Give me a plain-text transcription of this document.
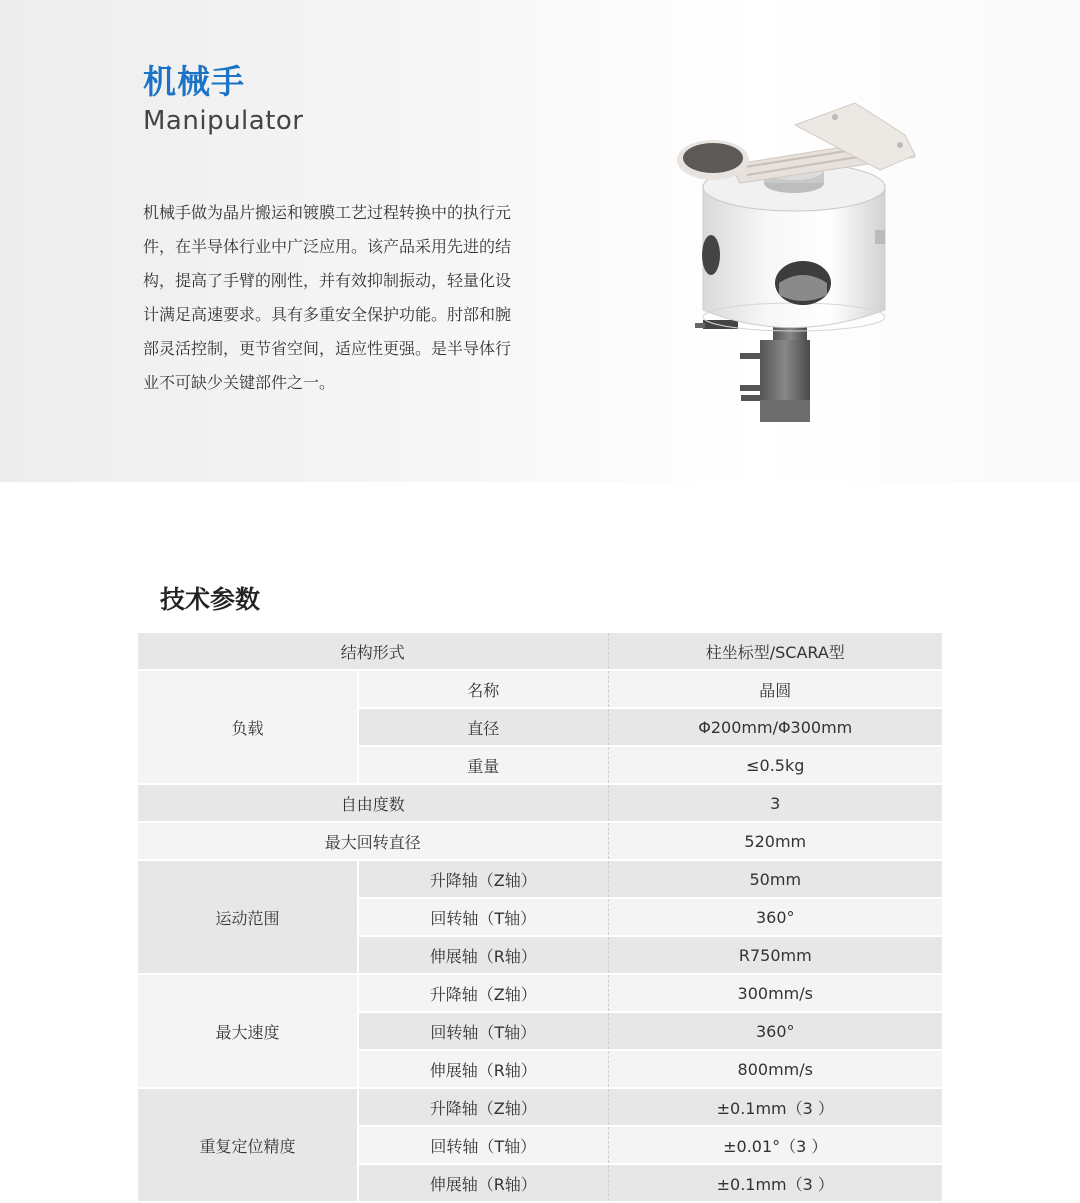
机械手
Manipulator
机械手做为晶片搬运和镀膜工艺过程转换中的执行元
件，在半导体行业中广泛应用。该产品采用先进的结
构，提高了手臂的刚性，并有效抑制振动，轻量化设
计满足高速要求。具有多重安全保护功能。肘部和腕
部灵活控制，更节省空间，适应性更强。是半导体行
业不可缺少关键部件之一。
技术参数
结构形式		柱坐标型/SCARA型
负载	名称	晶圆
	直径	Φ200mm/Φ300mm
	重量	≤0.5kg
自由度数		3
最大回转直径		520mm
运动范围	升降轴（Z轴）	50mm
	回转轴（T轴）	360°
	伸展轴（R轴）	R750mm
最大速度	升降轴（Z轴）	300mm/s
	回转轴（T轴）	360°
	伸展轴（R轴）	800mm/s
重复定位精度	升降轴（Z轴）	±0.1mm（3 ）
	回转轴（T轴）	±0.01°（3 ）
	伸展轴（R轴）	±0.1mm（3 ）
